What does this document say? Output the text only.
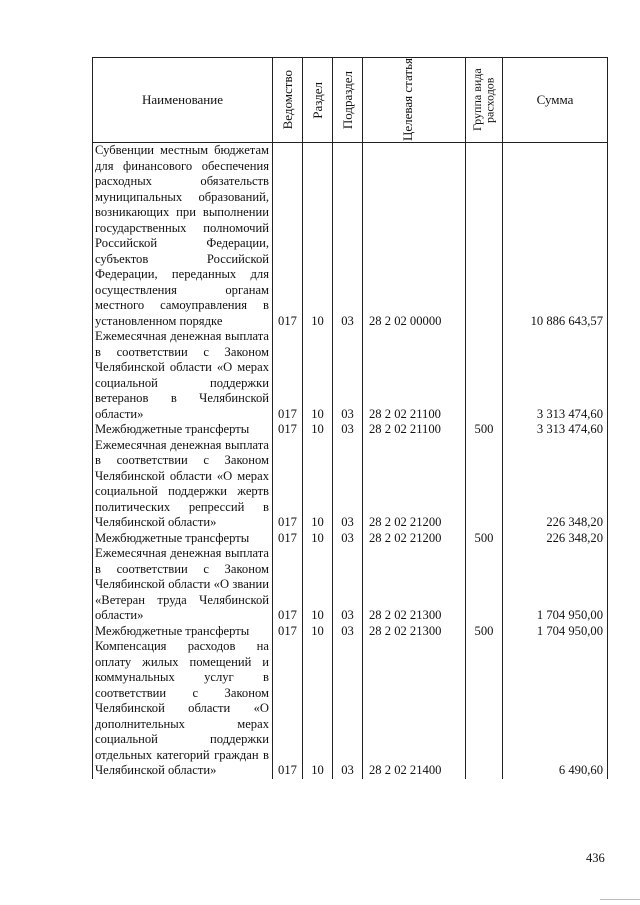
Наименование	Ведомство	Раздел	Подраздел	Целевая статья	Группа вида расходов	Сумма
Субвенции местным бюджетам для финансового обеспечения расходных обязательств муниципальных образований, возникающих при выполнении государственных полномочий Российской Федерации, субъектов Российской Федерации, переданных для осуществления органам местного самоуправления в установленном порядке	017	10	03	28 2 02 00000		10 886 643,57
Ежемесячная денежная выплата в соответствии с Законом Челябинской области «О мерах социальной поддержки ветеранов в Челябинской области»	017	10	03	28 2 02 21100		3 313 474,60
Межбюджетные трансферты	017	10	03	28 2 02 21100	500	3 313 474,60
Ежемесячная денежная выплата в соответствии с Законом Челябинской области «О мерах социальной поддержки жертв политических репрессий в Челябинской области»	017	10	03	28 2 02 21200		226 348,20
Межбюджетные трансферты	017	10	03	28 2 02 21200	500	226 348,20
Ежемесячная денежная выплата в соответствии с Законом Челябинской области «О звании «Ветеран труда Челябинской области»	017	10	03	28 2 02 21300		1 704 950,00
Межбюджетные трансферты	017	10	03	28 2 02 21300	500	1 704 950,00
Компенсация расходов на оплату жилых помещений и коммунальных услуг в соответствии с Законом Челябинской области «О дополнительных мерах социальной поддержки отдельных категорий граждан в Челябинской области»	017	10	03	28 2 02 21400		6 490,60
436
